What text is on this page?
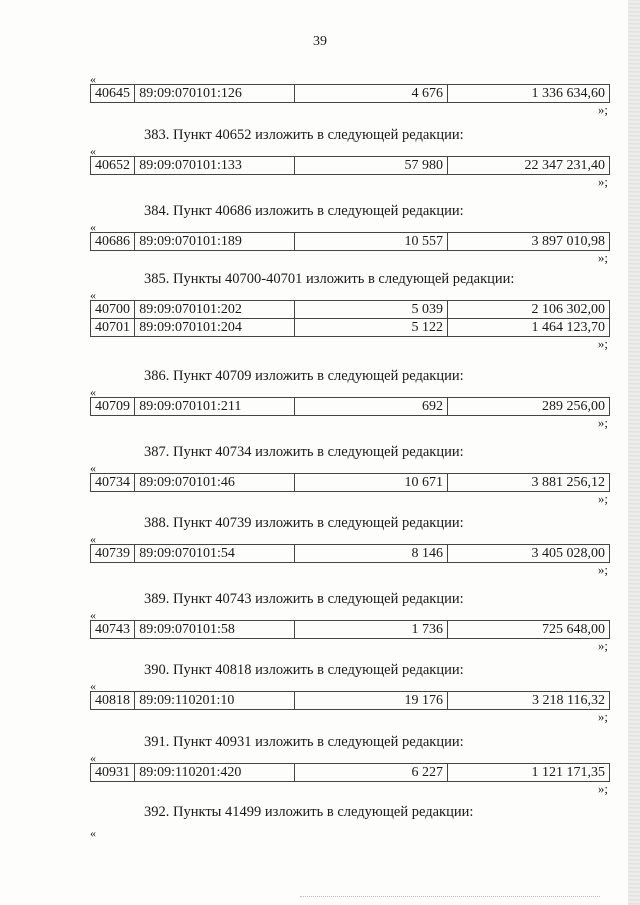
39
«
40645	89:09:070101:126	4 676	1 336 634,60
»;
383. Пункт 40652 изложить в следующей редакции:
«
40652	89:09:070101:133	57 980	22 347 231,40
»;
384. Пункт 40686 изложить в следующей редакции:
«
40686	89:09:070101:189	10 557	3 897 010,98
»;
385. Пункты 40700-40701 изложить в следующей редакции:
«
40700	89:09:070101:202	5 039	2 106 302,00
40701	89:09:070101:204	5 122	1 464 123,70
»;
386. Пункт 40709 изложить в следующей редакции:
«
40709	89:09:070101:211	692	289 256,00
»;
387. Пункт 40734 изложить в следующей редакции:
«
40734	89:09:070101:46	10 671	3 881 256,12
»;
388. Пункт 40739 изложить в следующей редакции:
«
40739	89:09:070101:54	8 146	3 405 028,00
»;
389. Пункт 40743 изложить в следующей редакции:
«
40743	89:09:070101:58	1 736	725 648,00
»;
390. Пункт 40818 изложить в следующей редакции:
«
40818	89:09:110201:10	19 176	3 218 116,32
»;
391. Пункт 40931 изложить в следующей редакции:
«
40931	89:09:110201:420	6 227	1 121 171,35
»;
392. Пункты 41499 изложить в следующей редакции:
«
